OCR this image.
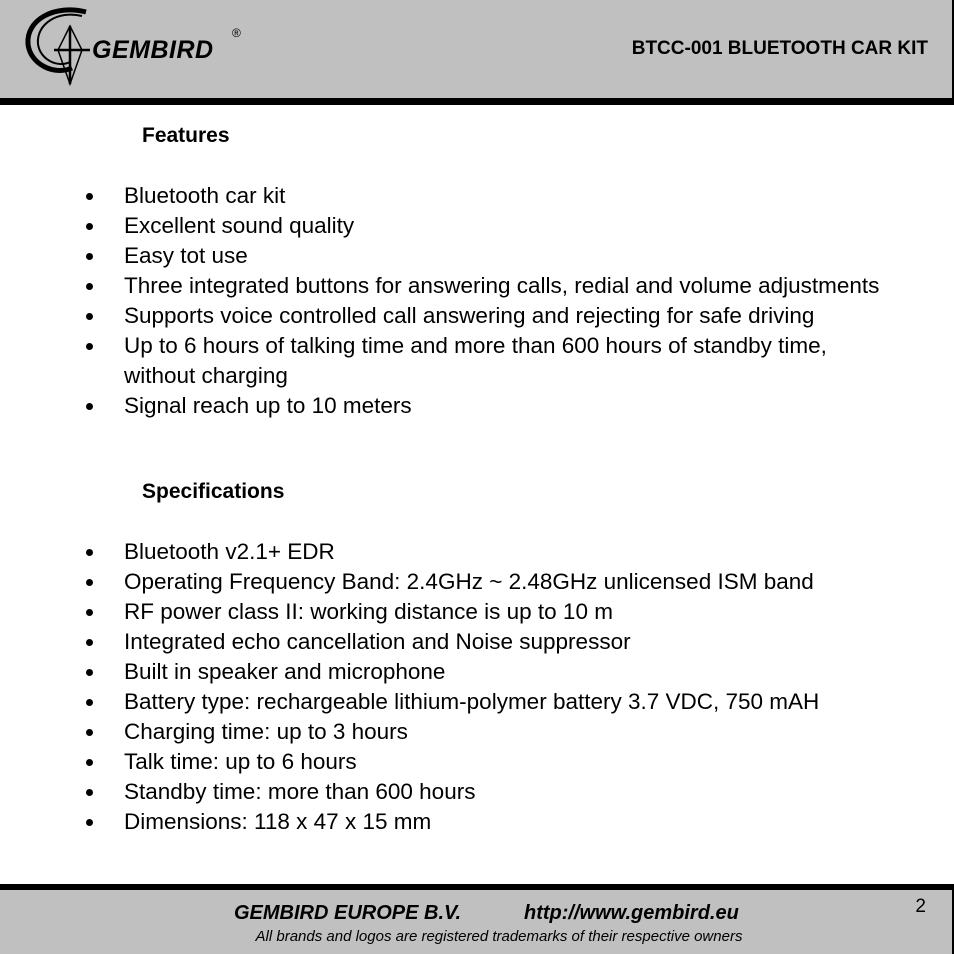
GEMBIRD
®
BTCC-001 BLUETOOTH CAR KIT
Features
Bluetooth car kit
Excellent sound quality
Easy tot use
Three integrated buttons for answering calls, redial and volume adjustments
Supports voice controlled call answering and rejecting for safe driving
Up to 6 hours of talking time and more than 600 hours of standby time, without charging
Signal reach up to 10 meters
Specifications
Bluetooth v2.1+ EDR
Operating Frequency Band: 2.4GHz ~ 2.48GHz unlicensed ISM band
RF power class II: working distance is up to 10 m
Integrated echo cancellation and Noise suppressor
Built in speaker and microphone
Battery type: rechargeable lithium-polymer battery 3.7 VDC, 750 mAH
Charging time: up to 3 hours
Talk time: up to 6 hours
Standby time: more than 600 hours
Dimensions: 118 x 47 x 15 mm
GEMBIRD EUROPE B.V.	http://www.gembird.eu
All brands and logos are registered trademarks of their respective owners
2
